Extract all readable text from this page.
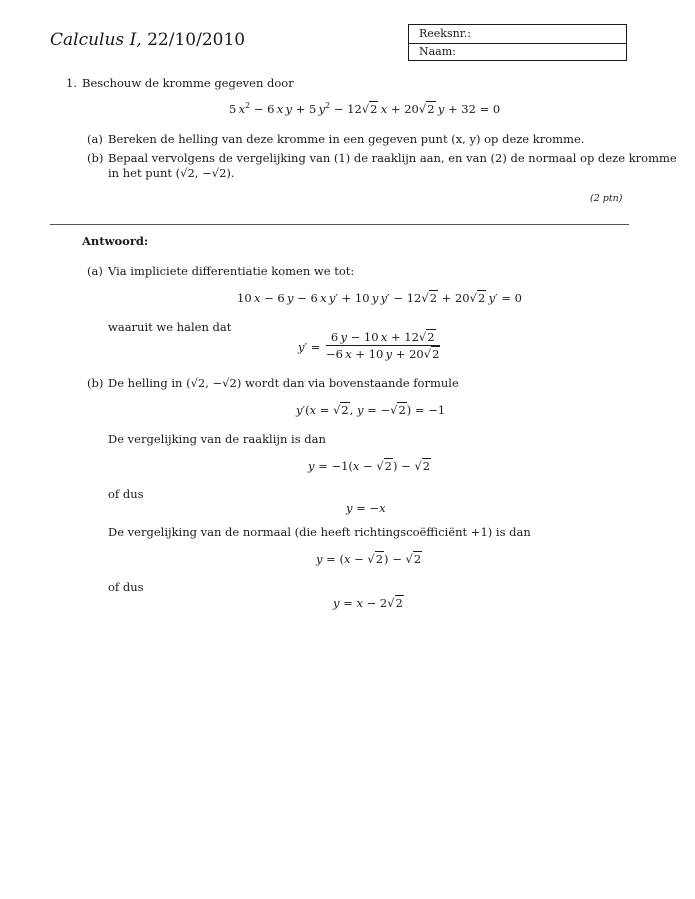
Calculus I, 22/10/2010	Reeksnr.:
Naam:
1. Beschouw de kromme gegeven door
5 $x^2 - 6$ x  y + 5 $y^2 - 12√2$  x + 20√2  y + 32 = 0
(a) Bereken de helling van deze kromme in een gegeven punt (x, y) op deze kromme.
(b) Bepaal vervolgens de vergelijking van (1) de raaklijn aan, en van (2) de normaal op deze kromme
in het punt (√2, −√2).
(2 ptn)
Antwoord:
(a) Via impliciete differentiatie komen we tot:
10 x − 6 y − 6 x  y′ + 10 y  y′ − 12√2 + 20√2  y′ = 0
waaruit we halen dat
$y' = \frac{6 y - 10 x + 12√2}{-6 x + 10 y + 20√2}$
(b) De helling in (√2, −√2) wordt dan via bovenstaande formule
y′(x = √2, y = −√2) = −1
De vergelijking van de raaklijn is dan
y = −1(x − √2) − √2
of dus
y = −x
De vergelijking van de normaal (die heeft richtingscoëfficiënt +1) is dan
y = (x − √2) − √2
of dus
y = x − 2√2
